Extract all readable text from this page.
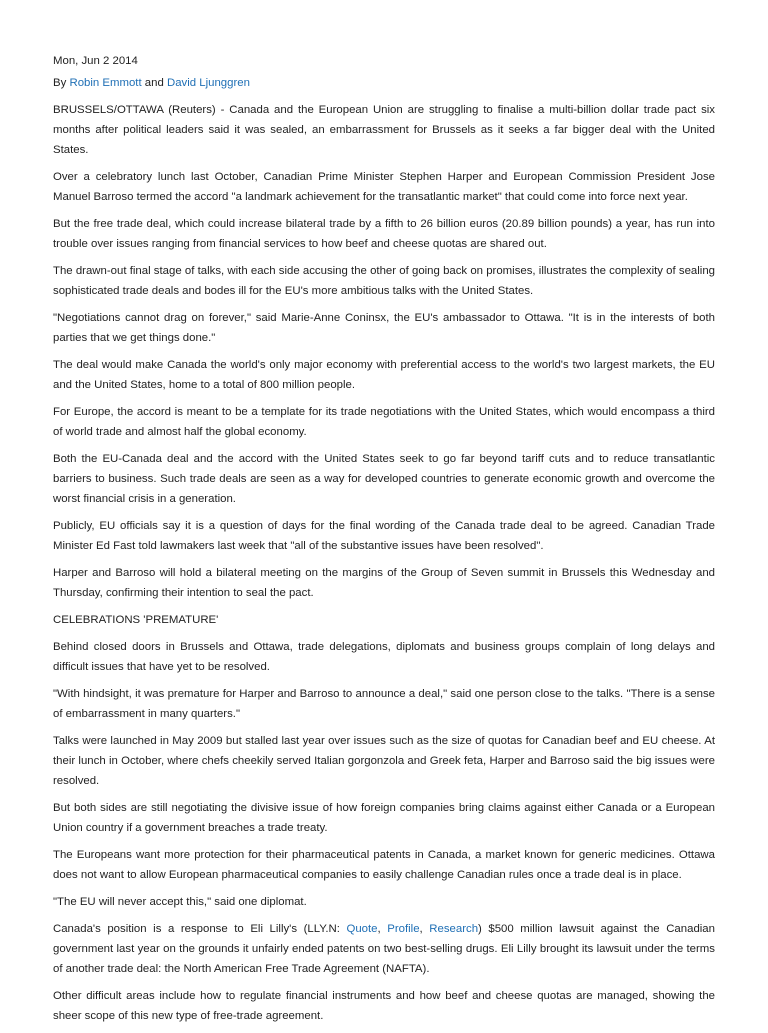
Mon, Jun 2 2014

By Robin Emmott and David Ljunggren

BRUSSELS/OTTAWA (Reuters) - Canada and the European Union are struggling to finalise a multi-billion dollar trade pact six months after political leaders said it was sealed, an embarrassment for Brussels as it seeks a far bigger deal with the United States.

Over a celebratory lunch last October, Canadian Prime Minister Stephen Harper and European Commission President Jose Manuel Barroso termed the accord "a landmark achievement for the transatlantic market" that could come into force next year.

But the free trade deal, which could increase bilateral trade by a fifth to 26 billion euros (20.89 billion pounds) a year, has run into trouble over issues ranging from financial services to how beef and cheese quotas are shared out.

The drawn-out final stage of talks, with each side accusing the other of going back on promises, illustrates the complexity of sealing sophisticated trade deals and bodes ill for the EU's more ambitious talks with the United States.

"Negotiations cannot drag on forever," said Marie-Anne Coninsx, the EU's ambassador to Ottawa. "It is in the interests of both parties that we get things done."

The deal would make Canada the world's only major economy with preferential access to the world's two largest markets, the EU and the United States, home to a total of 800 million people.

For Europe, the accord is meant to be a template for its trade negotiations with the United States, which would encompass a third of world trade and almost half the global economy.

Both the EU-Canada deal and the accord with the United States seek to go far beyond tariff cuts and to reduce transatlantic barriers to business. Such trade deals are seen as a way for developed countries to generate economic growth and overcome the worst financial crisis in a generation.

Publicly, EU officials say it is a question of days for the final wording of the Canada trade deal to be agreed. Canadian Trade Minister Ed Fast told lawmakers last week that "all of the substantive issues have been resolved".

Harper and Barroso will hold a bilateral meeting on the margins of the Group of Seven summit in Brussels this Wednesday and Thursday, confirming their intention to seal the pact.

CELEBRATIONS 'PREMATURE'

Behind closed doors in Brussels and Ottawa, trade delegations, diplomats and business groups complain of long delays and difficult issues that have yet to be resolved.

"With hindsight, it was premature for Harper and Barroso to announce a deal," said one person close to the talks. "There is a sense of embarrassment in many quarters."

Talks were launched in May 2009 but stalled last year over issues such as the size of quotas for Canadian beef and EU cheese. At their lunch in October, where chefs cheekily served Italian gorgonzola and Greek feta, Harper and Barroso said the big issues were resolved.

But both sides are still negotiating the divisive issue of how foreign companies bring claims against either Canada or a European Union country if a government breaches a trade treaty.

The Europeans want more protection for their pharmaceutical patents in Canada, a market known for generic medicines. Ottawa does not want to allow European pharmaceutical companies to easily challenge Canadian rules once a trade deal is in place.

"The EU will never accept this," said one diplomat.

Canada's position is a response to Eli Lilly's (LLY.N: Quote, Profile, Research) $500 million lawsuit against the Canadian government last year on the grounds it unfairly ended patents on two best-selling drugs. Eli Lilly brought its lawsuit under the terms of another trade deal: the North American Free Trade Agreement (NAFTA).

Other difficult areas include how to regulate financial instruments and how beef and cheese quotas are managed, showing the sheer scope of this new type of free-trade agreement.
